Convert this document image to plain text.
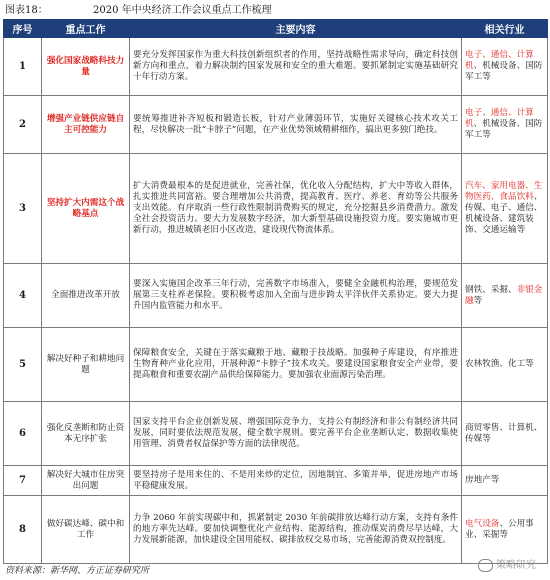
图表18：	2020 年中央经济工作会议重点工作梳理
序号	重点工作	主要内容	相关行业
1	强化国家战略科技力量	要充分发挥国家作为重大科技创新组织者的作用，坚持战略性需求导向，确定科技创新方向和重点，着力解决制约国家发展和安全的重大难题。要抓紧制定实施基础研究十年行动方案。	电子、通信、计算机、机械设备、国防军工等
2	增强产业链供应链自主可控能力	要统筹推进补齐短板和锻造长板，针对产业薄弱环节，实施好关键核心技术攻关工程，尽快解决一批“卡脖子”问题，在产业优势领域精耕细作，搞出更多独门绝技。	电子、通信、计算机、机械设备、国防军工等
3	坚持扩大内需这个战略基点	扩大消费最根本的是促进就业，完善社保，优化收入分配结构，扩大中等收入群体，扎实推进共同富裕。要合理增加公共消费，提高教育、医疗、养老、育幼等公共服务支出效能。有序取消一些行政性限制消费购买的规定，充分挖掘县乡消费潜力。激发全社会投资活力。要大力发展数字经济，加大新型基础设施投资力度。要实施城市更新行动，推进城镇老旧小区改造，建设现代物流体系。	汽车、家用电器、生物医药、食品饮料、传媒、电子、通信、机械设备、建筑装饰、交通运输等
4	全面推进改革开放	要深入实施国企改革三年行动，完善数字市场准入，要健全金融机构治理，要规范发展第三支柱养老保险。要积极考虑加入全面与进步跨太平洋伙伴关系协定。要大力提升国内监管能力和水平。	钢铁、采掘、非银金融等
5	解决好种子和耕地问题	保障粮食安全，关键在于落实藏粮于地、藏粮于技战略。加强种子库建设，有序推进生物育种产业化应用，开展种源“卡脖子”技术攻关。要建设国家粮食安全产业带，要提高粮食和重要农副产品供给保障能力。要加强农业面源污染治理。	农林牧渔、化工等
6	强化反垄断和防止资本无序扩张	国家支持平台企业创新发展、增强国际竞争力，支持公有制经济和非公有制经济共同发展，同时要依法规范发展，健全数字规则。要完善平台企业垄断认定、数据收集使用管理、消费者权益保护等方面的法律规范。	商贸零售、计算机、传媒等
7	解决好大城市住房突出问题	要坚持房子是用来住的、不是用来炒的定位，因地制宜、多策并举，促进房地产市场平稳健康发展。	房地产等
8	做好碳达峰、碳中和工作	力争 2060 年前实现碳中和，抓紧制定 2030 年前碳排放达峰行动方案，支持有条件的地方率先达峰。要加快调整优化产业结构、能源结构，推动煤炭消费尽早达峰，大力发展新能源，加快建设全国用能权、碳排放权交易市场，完善能源消费双控制度。	电气设备、公用事业、采掘等
资料来源：新华网、方正证券研究所	策略研究
